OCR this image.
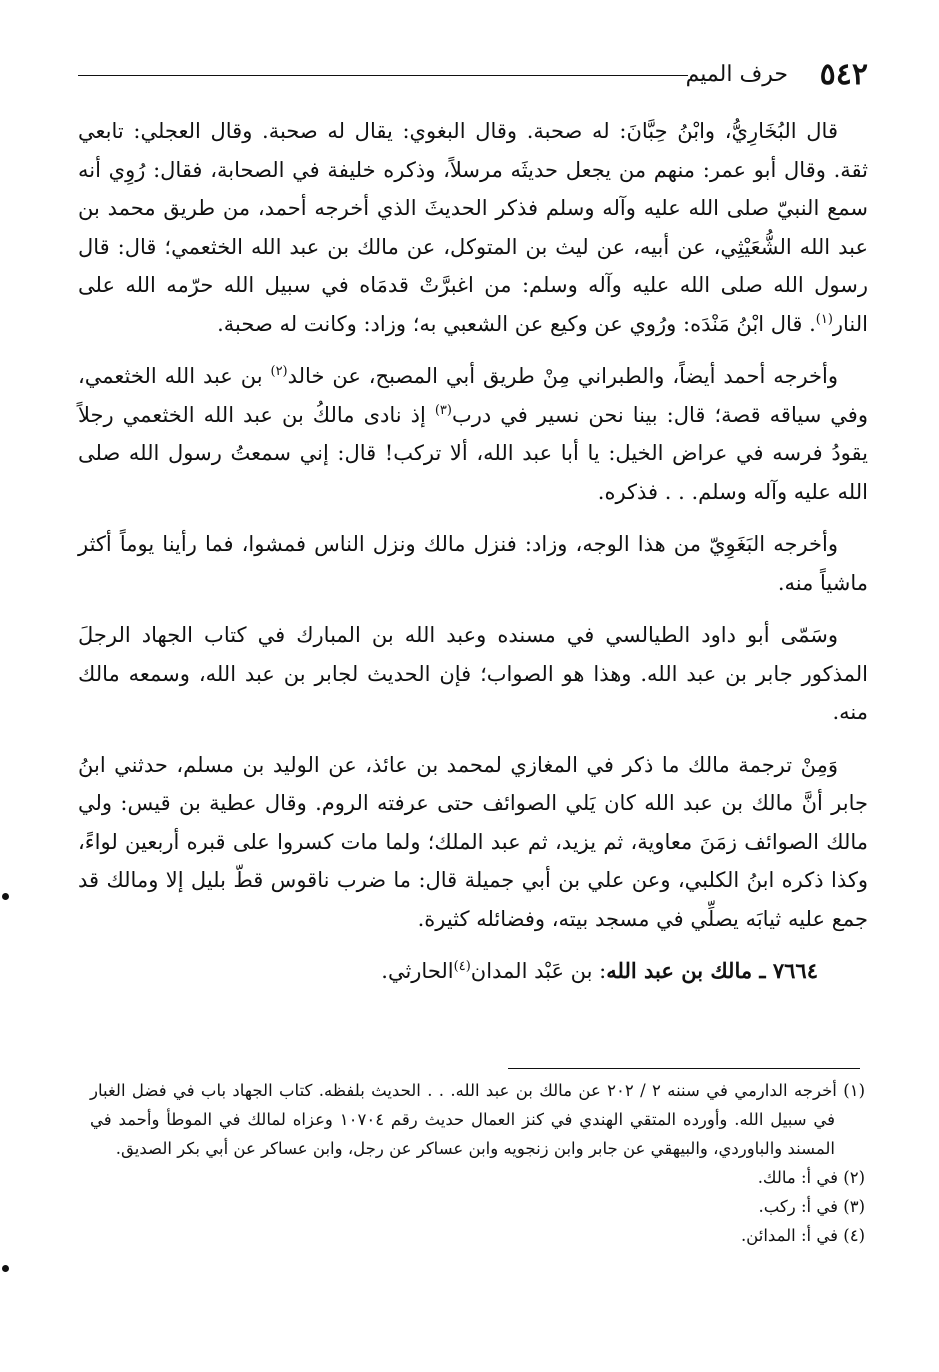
٥٤٢
حرف الميم

قال البُخَارِيُّ، وابْنُ حِبَّانَ: له صحبة. وقال البغوي: يقال له صحبة. وقال العجلي: تابعي ثقة. وقال أبو عمر: منهم من يجعل حديثَه مرسلاً، وذكره خليفة في الصحابة، فقال: رُوِي أنه سمع النبيّ صلى الله عليه وآله وسلم فذكر الحديثَ الذي أخرجه أحمد، من طريق محمد بن عبد الله الشُّعَيْثِي، عن أبيه، عن ليث بن المتوكل، عن مالك بن عبد الله الخثعمي؛ قال: قال رسول الله صلى الله عليه وآله وسلم: من اغبرَّتْ قدمَاه في سبيل الله حرّمه الله على النار$^{(١)}$. قال ابْنُ مَنْدَه: ورُوي عن وكيع عن الشعبي به؛ وزاد: وكانت له صحبة.

وأخرجه أحمد أيضاً، والطبراني مِنْ طريق أبي المصبح، عن خالد$^{(٢)}$ بن عبد الله الخثعمي، وفي سياقه قصة؛ قال: بينا نحن نسير في درب$^{(٣)}$ إذ نادى مالكُ بن عبد الله الخثعمي رجلاً يقودُ فرسه في عراض الخيل: يا أبا عبد الله، ألا تركب! قال: إني سمعتُ رسول الله صلى الله عليه وآله وسلم. . . فذكره.

وأخرجه البَغَوِيّ من هذا الوجه، وزاد: فنزل مالك ونزل الناس فمشوا، فما رأينا يوماً أكثر ماشياً منه.

وسَمّى أبو داود الطيالسي في مسنده وعبد الله بن المبارك في كتاب الجهاد الرجلَ المذكور جابر بن عبد الله. وهذا هو الصواب؛ فإن الحديث لجابر بن عبد الله، وسمعه مالك منه.

وَمِنْ ترجمة مالك ما ذكر في المغازي لمحمد بن عائذ، عن الوليد بن مسلم، حدثني ابنُ جابر أنَّ مالك بن عبد الله كان يَلي الصوائف حتى عرفته الروم. وقال عطية بن قيس: ولي مالك الصوائف زمَنَ معاوية، ثم يزيد، ثم عبد الملك؛ ولما مات كسروا على قبره أربعين لواءً، وكذا ذكره ابنُ الكلبي، وعن علي بن أبي جميلة قال: ما ضرب ناقوس قطّ بليل إلا ومالك قد جمع عليه ثيابَه يصلِّي في مسجد بيته، وفضائله كثيرة.

٧٦٦٤ ـ مالك بن عبد الله: بن عَبْد المدان$^{(٤)}$الحارثي.

(١) أخرجه الدارمي في سننه ٢ / ٢٠٢ عن مالك بن عبد الله. . . الحديث بلفظه. كتاب الجهاد باب في فضل الغبار في سبيل الله. وأورده المتقي الهندي في كنز العمال حديث رقم ١٠٧٠٤ وعزاه لمالك في الموطأ وأحمد في المسند والباوردي، والبيهقي عن جابر وابن زنجويه وابن عساكر عن رجل، وابن عساكر عن أبي بكر الصديق.

(٢) في أ: مالك.

(٣) في أ: ركب.

(٤) في أ: المدائن.
